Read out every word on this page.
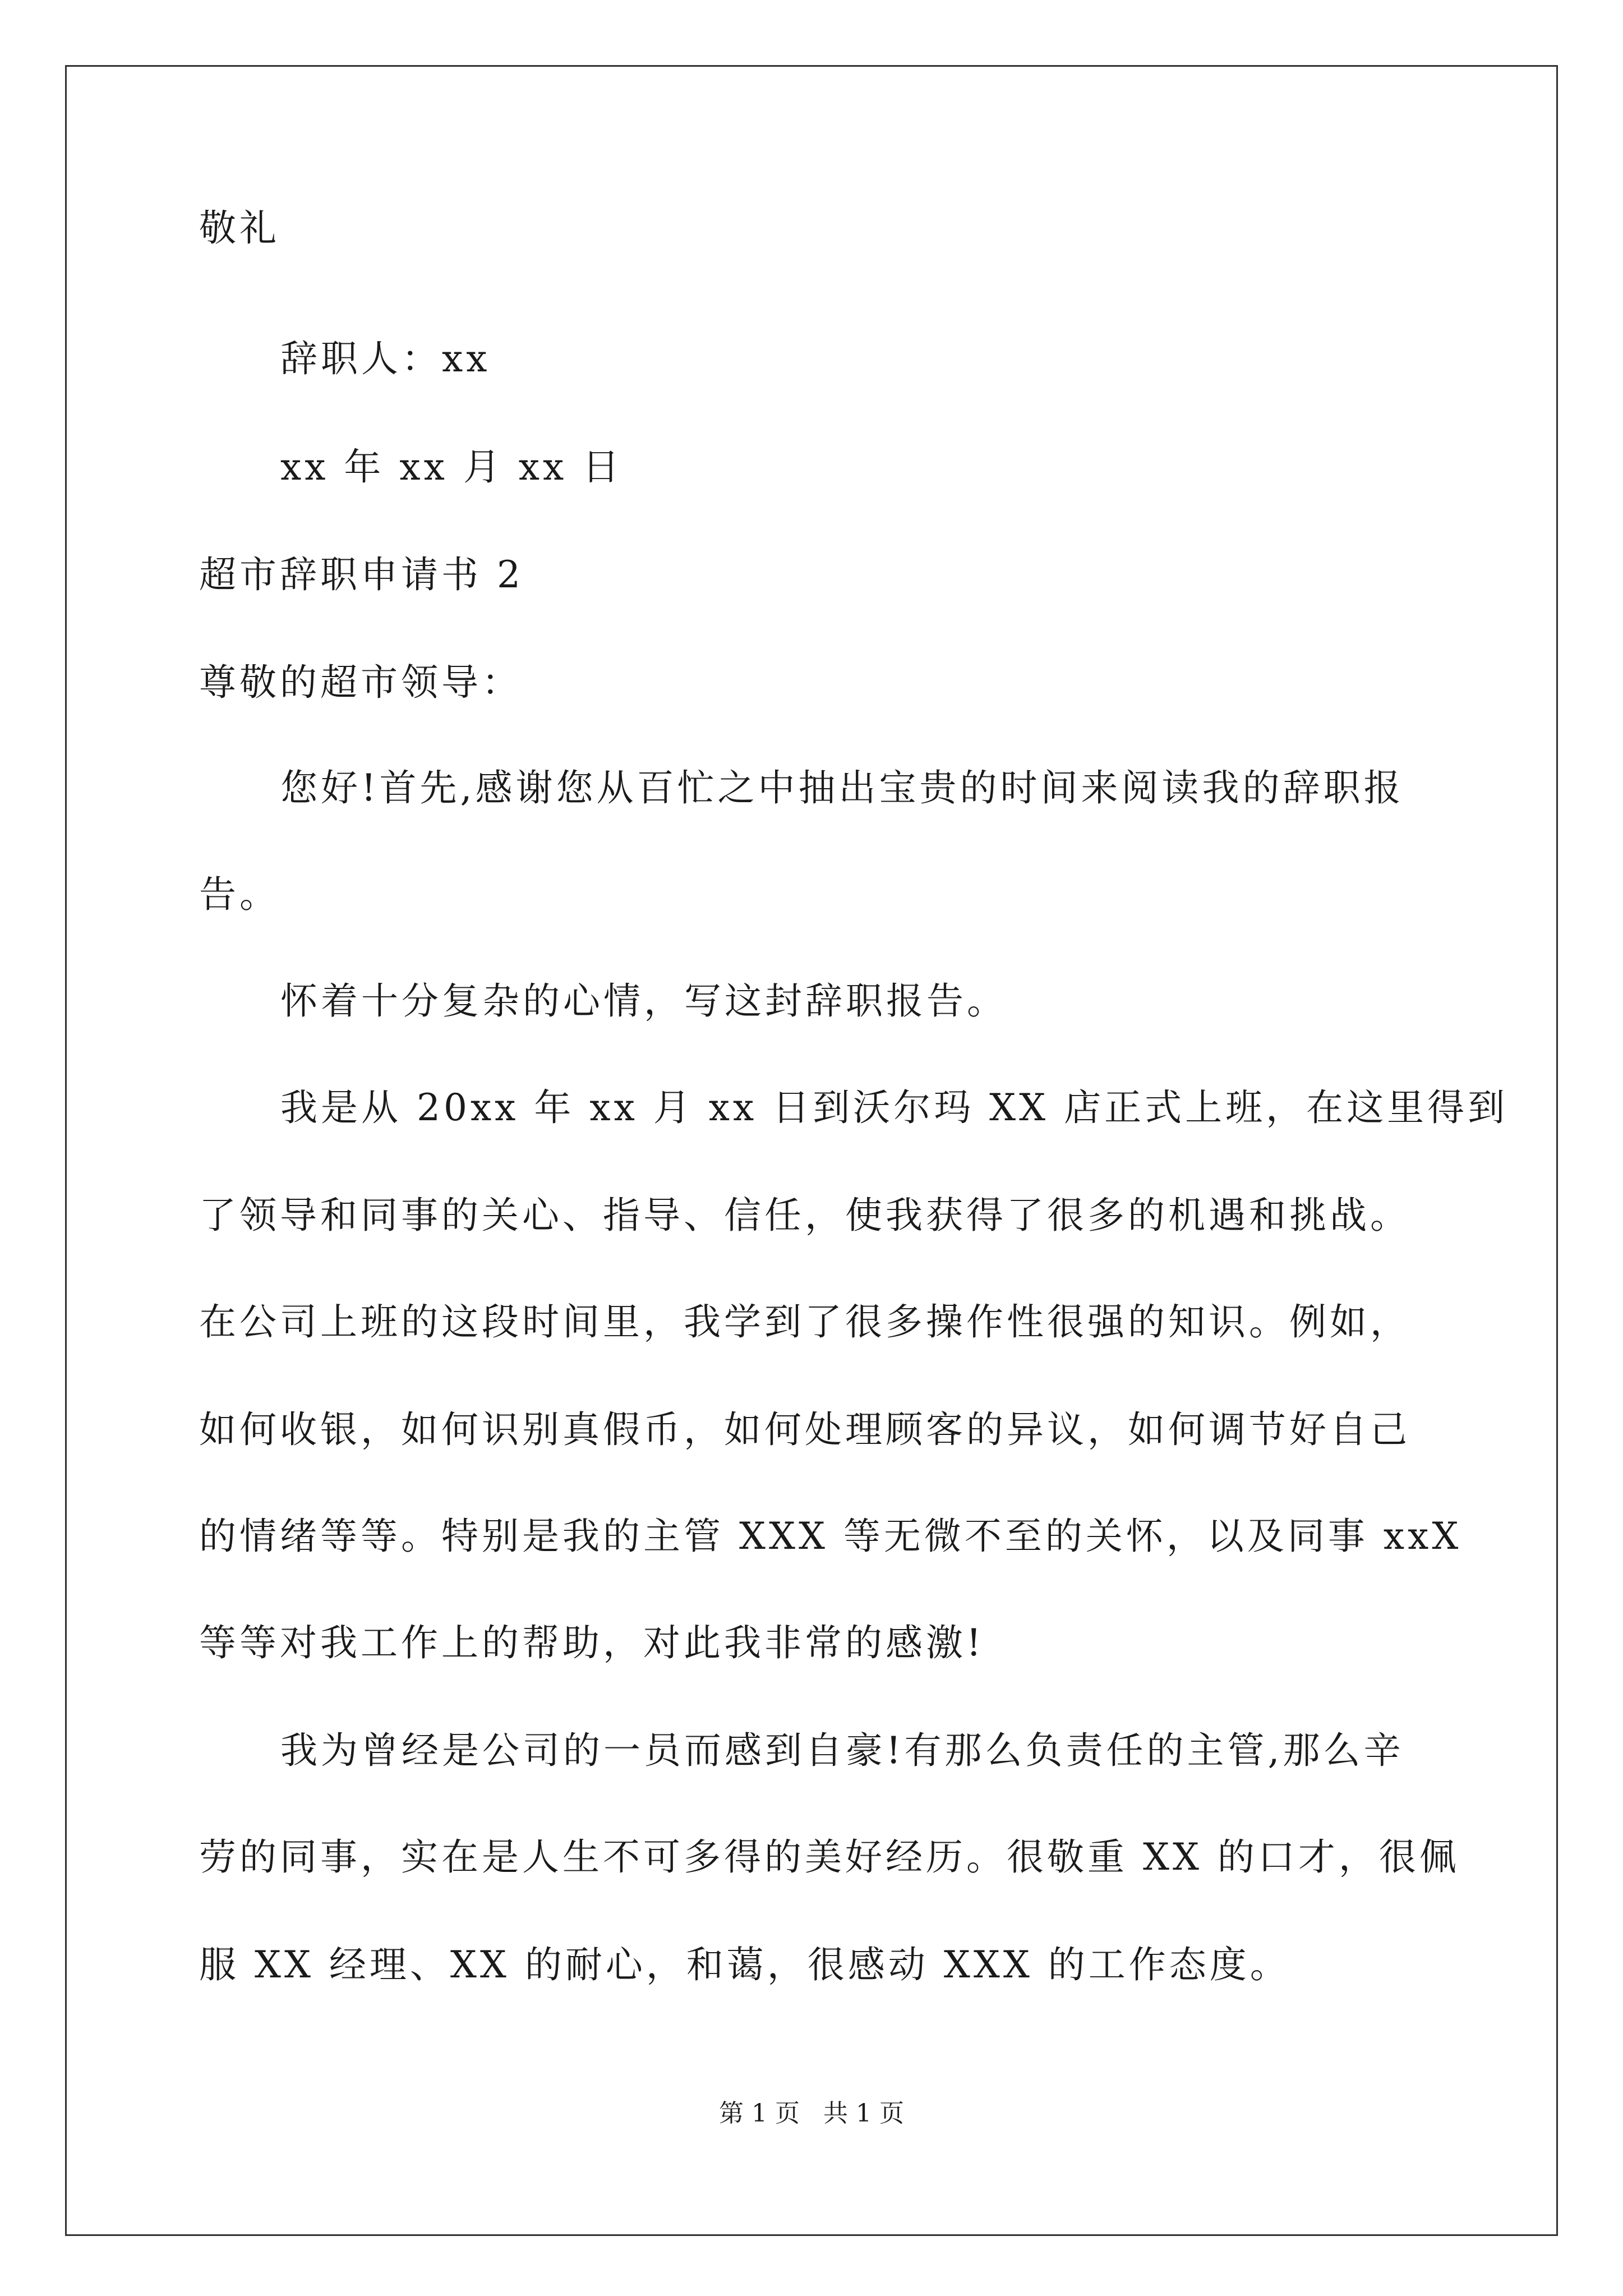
敬礼
辞职人：xx
xx 年 xx 月 xx 日
超市辞职申请书 2
尊敬的超市领导：
您好!首先,感谢您从百忙之中抽出宝贵的时间来阅读我的辞职报
告。
怀着十分复杂的心情，写这封辞职报告。
我是从 20xx 年 xx 月 xx 日到沃尔玛 XX 店正式上班，在这里得到
了领导和同事的关心、指导、信任，使我获得了很多的机遇和挑战。
在公司上班的这段时间里，我学到了很多操作性很强的知识。例如，
如何收银，如何识别真假币，如何处理顾客的异议，如何调节好自己
的情绪等等。特别是我的主管 XXX 等无微不至的关怀，以及同事 xxX
等等对我工作上的帮助，对此我非常的感激!
我为曾经是公司的一员而感到自豪!有那么负责任的主管,那么辛
劳的同事，实在是人生不可多得的美好经历。很敬重 XX 的口才，很佩
服 XX 经理、XX 的耐心，和蔼，很感动 XXX 的工作态度。
第 1 页   共 1 页
